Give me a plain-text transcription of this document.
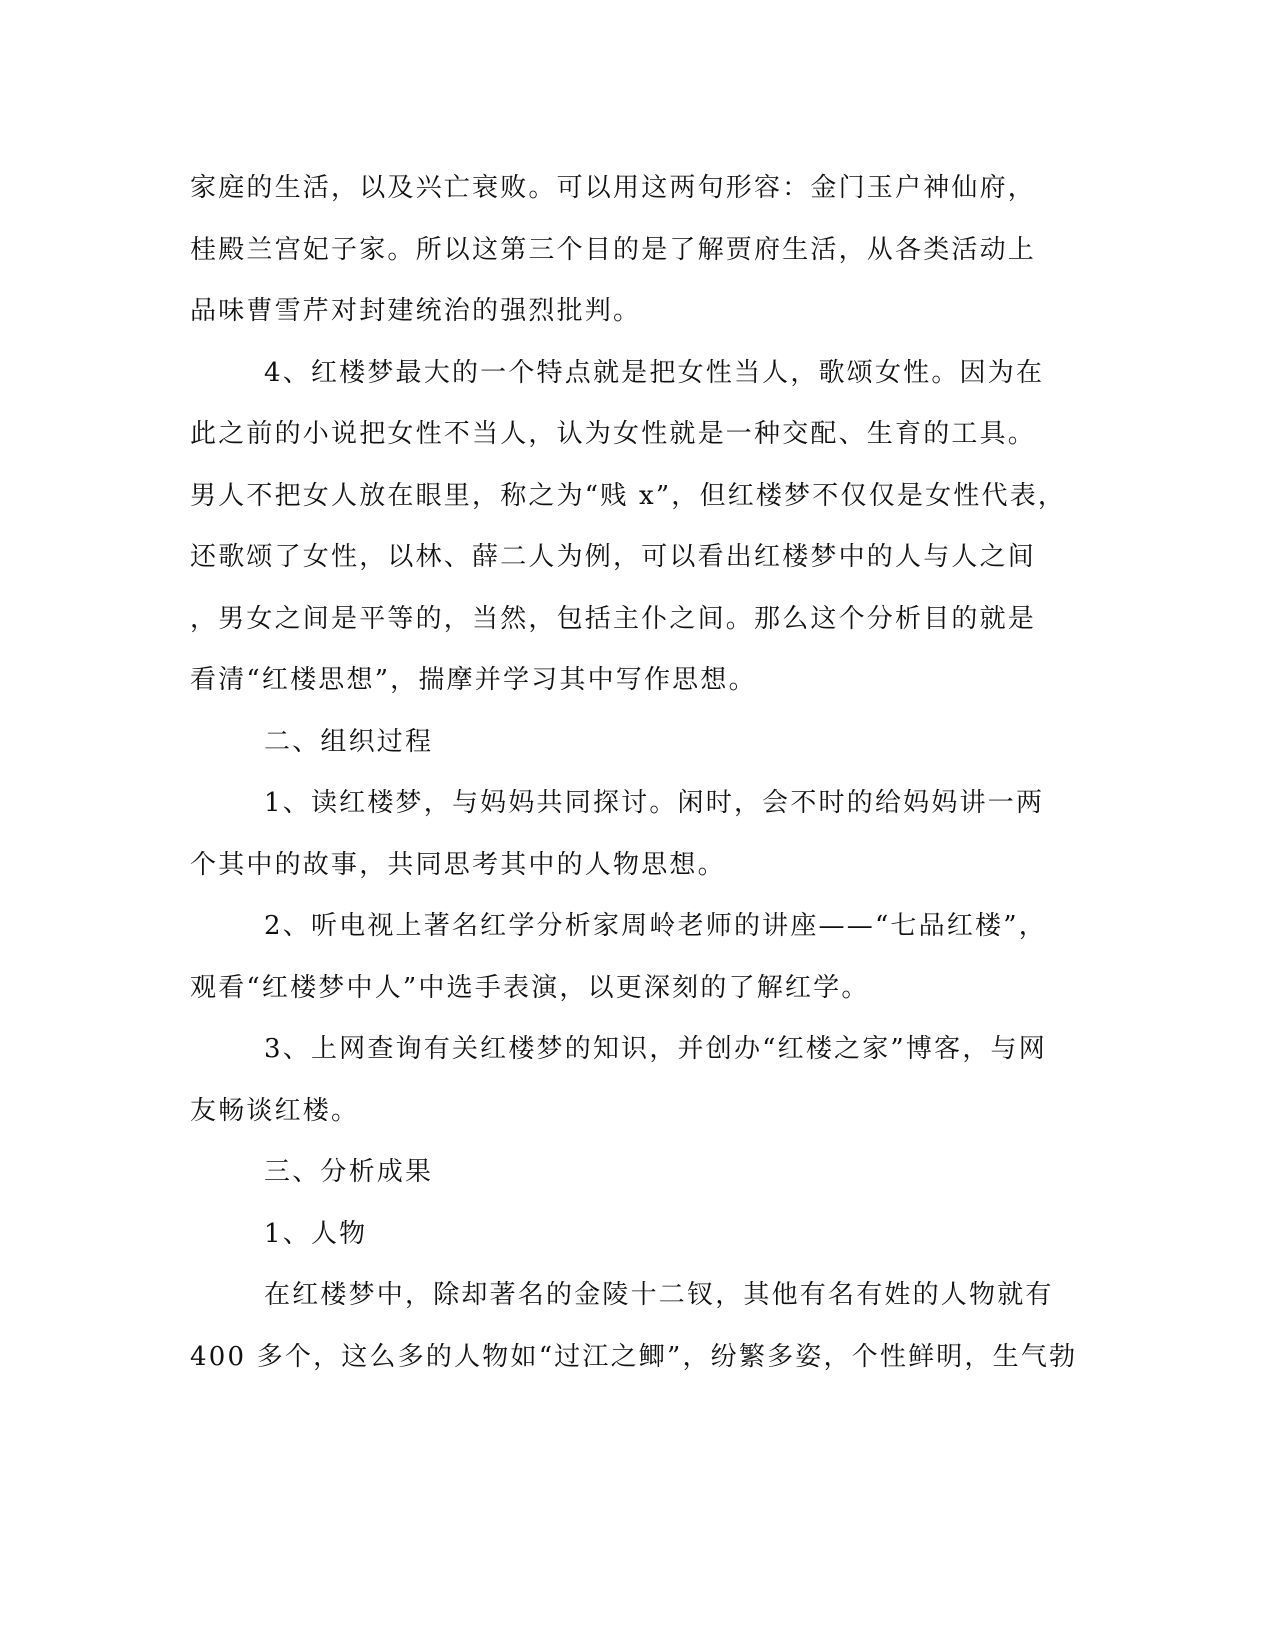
家庭的生活，以及兴亡衰败。可以用这两句形容：金门玉户神仙府，
桂殿兰宫妃子家。所以这第三个目的是了解贾府生活，从各类活动上
品味曹雪芹对封建统治的强烈批判。
4、红楼梦最大的一个特点就是把女性当人，歌颂女性。因为在
此之前的小说把女性不当人，认为女性就是一种交配、生育的工具。
男人不把女人放在眼里，称之为“贱 x”，但红楼梦不仅仅是女性代表，
还歌颂了女性，以林、薛二人为例，可以看出红楼梦中的人与人之间
，男女之间是平等的，当然，包括主仆之间。那么这个分析目的就是
看清“红楼思想”，揣摩并学习其中写作思想。
二、组织过程
1、读红楼梦，与妈妈共同探讨。闲时，会不时的给妈妈讲一两
个其中的故事，共同思考其中的人物思想。
2、听电视上著名红学分析家周岭老师的讲座——“七品红楼”，
观看“红楼梦中人”中选手表演，以更深刻的了解红学。
3、上网查询有关红楼梦的知识，并创办“红楼之家”博客，与网
友畅谈红楼。
三、分析成果
1、人物
在红楼梦中，除却著名的金陵十二钗，其他有名有姓的人物就有
400 多个，这么多的人物如“过江之鲫”，纷繁多姿，个性鲜明，生气勃
